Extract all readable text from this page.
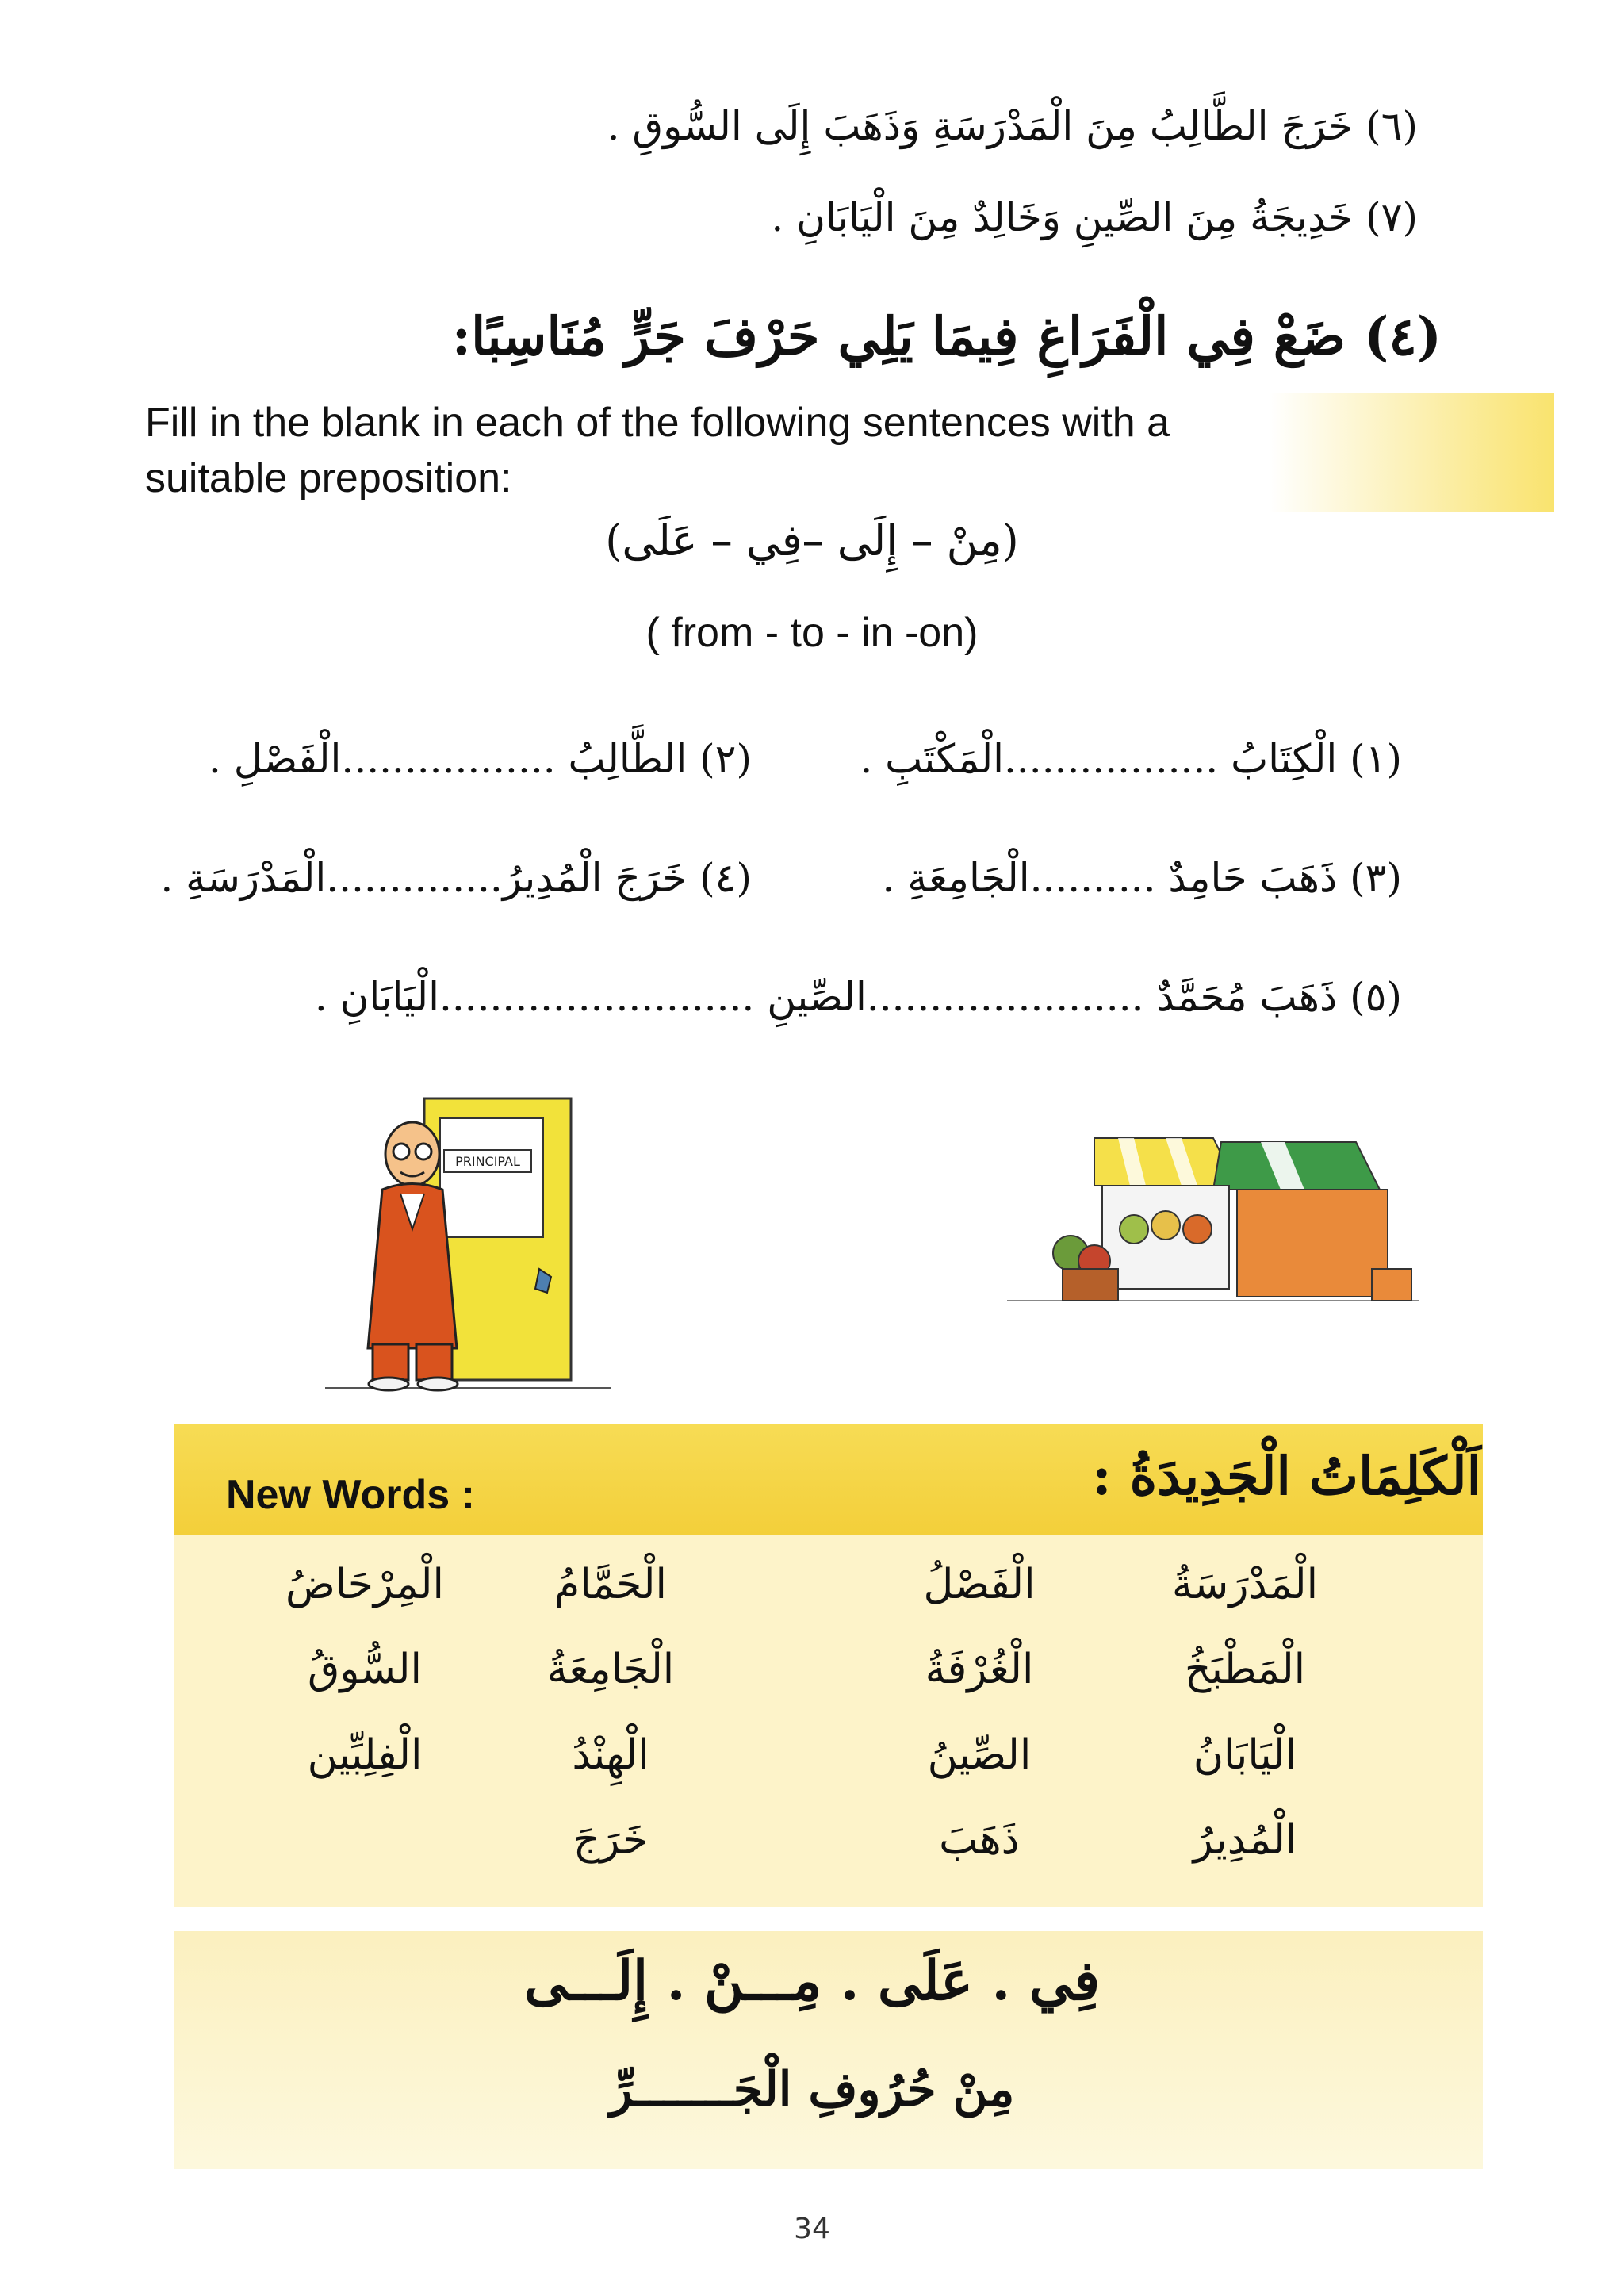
(٦) خَرَجَ الطَّالِبُ مِنَ الْمَدْرَسَةِ وَذَهَبَ إِلَى السُّوقِ .
(٧) خَدِيجَةُ مِنَ الصِّينِ وَخَالِدٌ مِنَ الْيَابَانِ .
(٤) ضَعْ فِي الْفَرَاغِ فِيمَا يَلِي حَرْفَ جَرٍّ مُنَاسِبًا:
Fill in the blank in each of the following sentences with a
suitable preposition:
(مِنْ – إِلَى –فِي – عَلَى)
( from - to - in -on)
(١) الْكِتَابُ .................الْمَكْتَبِ .
(٢) الطَّالِبُ .................الْفَصْلِ .
(٣) ذَهَبَ حَامِدٌ ..........الْجَامِعَةِ .
(٤) خَرَجَ الْمُدِيرُ..............الْمَدْرَسَةِ .
(٥) ذَهَبَ مُحَمَّدٌ ......................الصِّينِ .........................الْيَابَانِ .
PRINCIPAL
New Words :	اَلْكَلِمَاتُ الْجَدِيدَةُ :
الْمَدْرَسَةُ
الْمَطْبَخُ
الْيَابَانُ
الْمُدِيرُ
الْفَصْلُ
الْغُرْفَةُ
الصِّينُ
ذَهَبَ
الْحَمَّامُ
الْجَامِعَةُ
الْهِنْدُ
خَرَجَ
الْمِرْحَاضُ
السُّوقُ
الْفِلِبِّين
فِي . عَلَى . مِـــنْ . إِلَـــى
مِنْ حُرُوفِ الْجَـــــــرِّ
34
